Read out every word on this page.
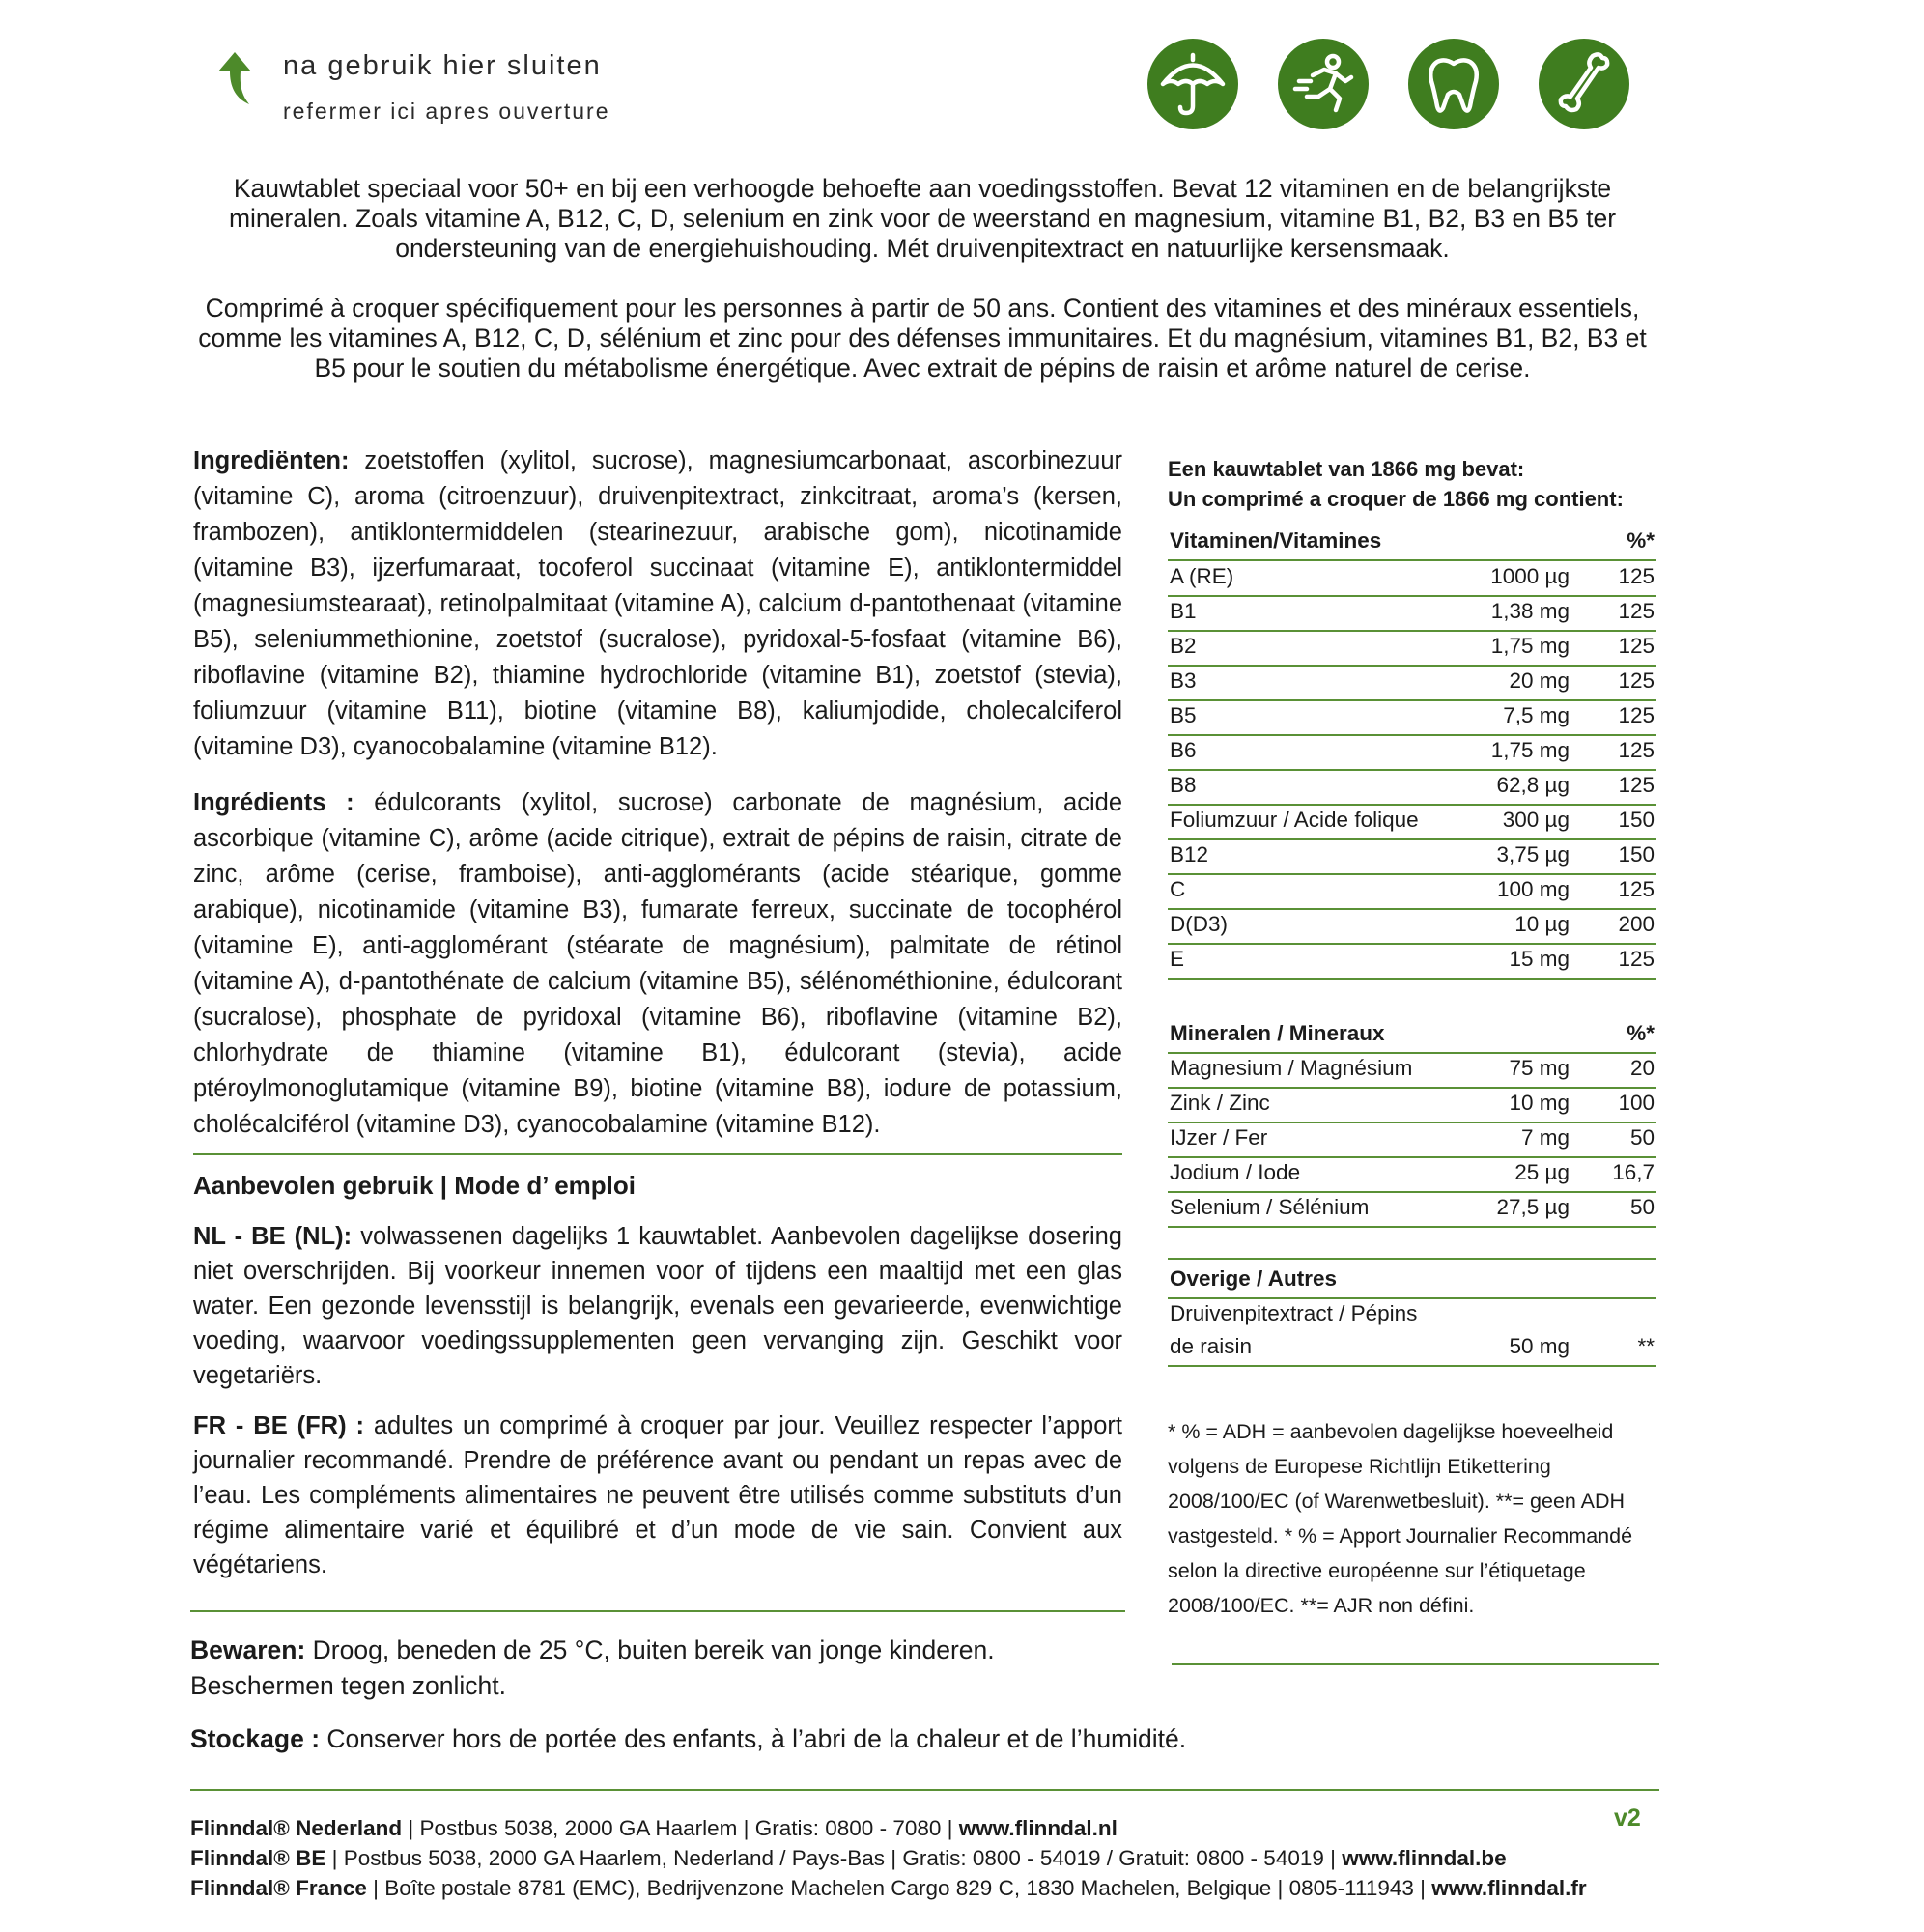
na gebruik hier sluiten
refermer ici apres ouverture

Kauwtablet speciaal voor 50+ en bij een verhoogde behoefte aan voedingsstoffen. Bevat 12 vitaminen en de belangrijkste mineralen. Zoals vitamine A, B12, C, D, selenium en zink voor de weerstand en magnesium, vitamine B1, B2, B3 en B5 ter ondersteuning van de energiehuishouding. Mét druivenpitextract en natuurlijke kersensmaak.

Comprimé à croquer spécifiquement pour les personnes à partir de 50 ans. Contient des vitamines et des minéraux essentiels, comme les vitamines A, B12, C, D, sélénium et zinc pour des défenses immunitaires. Et du magnésium, vitamines B1, B2, B3 et B5 pour le soutien du métabolisme énergétique. Avec extrait de pépins de raisin et arôme naturel de cerise.

Ingrediënten: zoetstoffen (xylitol, sucrose), magnesiumcarbonaat, ascorbinezuur (vitamine C), aroma (citroenzuur), druivenpitextract, zinkcitraat, aroma’s (kersen, frambozen), antiklontermiddelen (stearinezuur, arabische gom), nicotinamide (vitamine B3), ijzerfumaraat, tocoferol succinaat (vitamine E), antiklontermiddel (magnesiumstearaat), retinolpalmitaat (vitamine A), calcium d-pantothenaat (vitamine B5), seleniummethionine, zoetstof (sucralose), pyridoxal-5-fosfaat (vitamine B6), riboflavine (vitamine B2), thiamine hydrochloride (vitamine B1), zoetstof (stevia), foliumzuur (vitamine B11), biotine (vitamine B8), kaliumjodide, cholecalciferol (vitamine D3), cyanocobalamine (vitamine B12).

Ingrédients : édulcorants (xylitol, sucrose) carbonate de magnésium, acide ascorbique (vitamine C), arôme (acide citrique), extrait de pépins de raisin, citrate de zinc, arôme (cerise, framboise), anti-agglomérants (acide stéarique, gomme arabique), nicotinamide (vitamine B3), fumarate ferreux, succinate de tocophérol (vitamine E), anti-agglomérant (stéarate de magnésium), palmitate de rétinol (vitamine A), d-pantothénate de calcium (vitamine B5), sélénométhionine, édulcorant (sucralose), phosphate de pyridoxal (vitamine B6), riboflavine (vitamine B2), chlorhydrate de thiamine (vitamine B1), édulcorant (stevia), acide ptéroylmonoglutamique (vitamine B9), biotine (vitamine B8), iodure de potassium, cholécalciférol (vitamine D3), cyanocobalamine (vitamine B12).

Aanbevolen gebruik | Mode d’ emploi

NL - BE (NL): volwassenen dagelijks 1 kauwtablet. Aanbevolen dagelijkse dosering niet overschrijden. Bij voorkeur innemen voor of tijdens een maaltijd met een glas water. Een gezonde levensstijl is belangrijk, evenals een gevarieerde, evenwichtige voeding, waarvoor voedingssupplementen geen vervanging zijn. Geschikt voor vegetariërs.

FR - BE (FR) : adultes un comprimé à croquer par jour. Veuillez respecter l’apport journalier recommandé. Prendre de préférence avant ou pendant un repas avec de l’eau. Les compléments alimentaires ne peuvent être utilisés comme substituts d’un régime alimentaire varié et équilibré et d’un mode de vie sain. Convient aux végétariens.

Bewaren: Droog, beneden de 25 °C, buiten bereik van jonge kinderen.
Beschermen tegen zonlicht.

Stockage : Conserver hors de portée des enfants, à l’abri de la chaleur et de l’humidité.

Een kauwtablet van 1866 mg bevat:
Un comprimé a croquer de 1866 mg contient:
Vitaminen/Vitamines	%*
A (RE)	1000 µg 125
B1	1,38 mg 125
B2	1,75 mg 125
B3	20 mg 125
B5	7,5 mg 125
B6	1,75 mg 125
B8	62,8 µg 125
Foliumzuur / Acide folique	300 µg 150
B12	3,75 µg 150
C	100 mg 125
D(D3)	10 µg 200
E	15 mg 125
Mineralen / Mineraux	%*
Magnesium / Magnésium	75 mg	20
Zink / Zinc	10 mg 100
IJzer / Fer	7 mg	50
Jodium / Iode	25 µg 16,7
Selenium / Sélénium	27,5 µg	50
Overige / Autres
Druivenpitextract / Pépins
de raisin	50 mg	**

* % = ADH = aanbevolen dagelijkse hoeveelheid volgens de Europese Richtlijn Etikettering 2008/100/EC (of Warenwetbesluit). **= geen ADH vastgesteld. * % = Apport Journalier Recommandé selon la directive européenne sur l’étiquetage 2008/100/EC. **= AJR non défini.

Flinndal® Nederland | Postbus 5038, 2000 GA Haarlem | Gratis: 0800 - 7080 | www.flinndal.nl
Flinndal® BE | Postbus 5038, 2000 GA Haarlem, Nederland / Pays-Bas | Gratis: 0800 - 54019 / Gratuit: 0800 - 54019 | www.flinndal.be
Flinndal® France | Boîte postale 8781 (EMC), Bedrijvenzone Machelen Cargo 829 C, 1830 Machelen, Belgique | 0805-111943 | www.flinndal.fr
v2
